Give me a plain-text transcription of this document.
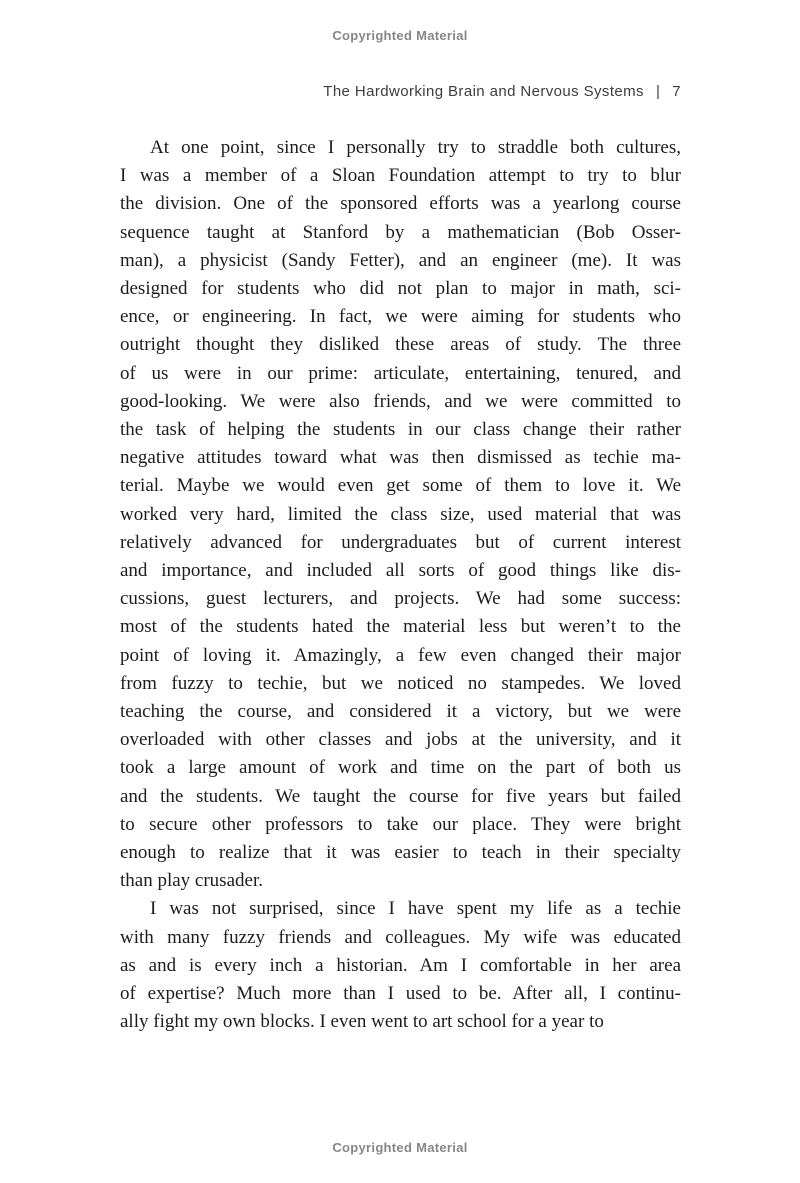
Copyrighted Material
The Hardworking Brain and Nervous Systems | 7
At one point, since I personally try to straddle both cultures,
I was a member of a Sloan Foundation attempt to try to blur
the division. One of the sponsored efforts was a yearlong course
sequence taught at Stanford by a mathematician (Bob Osser-
man), a physicist (Sandy Fetter), and an engineer (me). It was
designed for students who did not plan to major in math, sci-
ence, or engineering. In fact, we were aiming for students who
outright thought they disliked these areas of study. The three
of us were in our prime: articulate, entertaining, tenured, and
good-looking. We were also friends, and we were committed to
the task of helping the students in our class change their rather
negative attitudes toward what was then dismissed as techie ma-
terial. Maybe we would even get some of them to love it. We
worked very hard, limited the class size, used material that was
relatively advanced for undergraduates but of current interest
and importance, and included all sorts of good things like dis-
cussions, guest lecturers, and projects. We had some success:
most of the students hated the material less but weren’t to the
point of loving it. Amazingly, a few even changed their major
from fuzzy to techie, but we noticed no stampedes. We loved
teaching the course, and considered it a victory, but we were
overloaded with other classes and jobs at the university, and it
took a large amount of work and time on the part of both us
and the students. We taught the course for five years but failed
to secure other professors to take our place. They were bright
enough to realize that it was easier to teach in their specialty
than play crusader.
I was not surprised, since I have spent my life as a techie
with many fuzzy friends and colleagues. My wife was educated
as and is every inch a historian. Am I comfortable in her area
of expertise? Much more than I used to be. After all, I continu-
ally fight my own blocks. I even went to art school for a year to
Copyrighted Material
